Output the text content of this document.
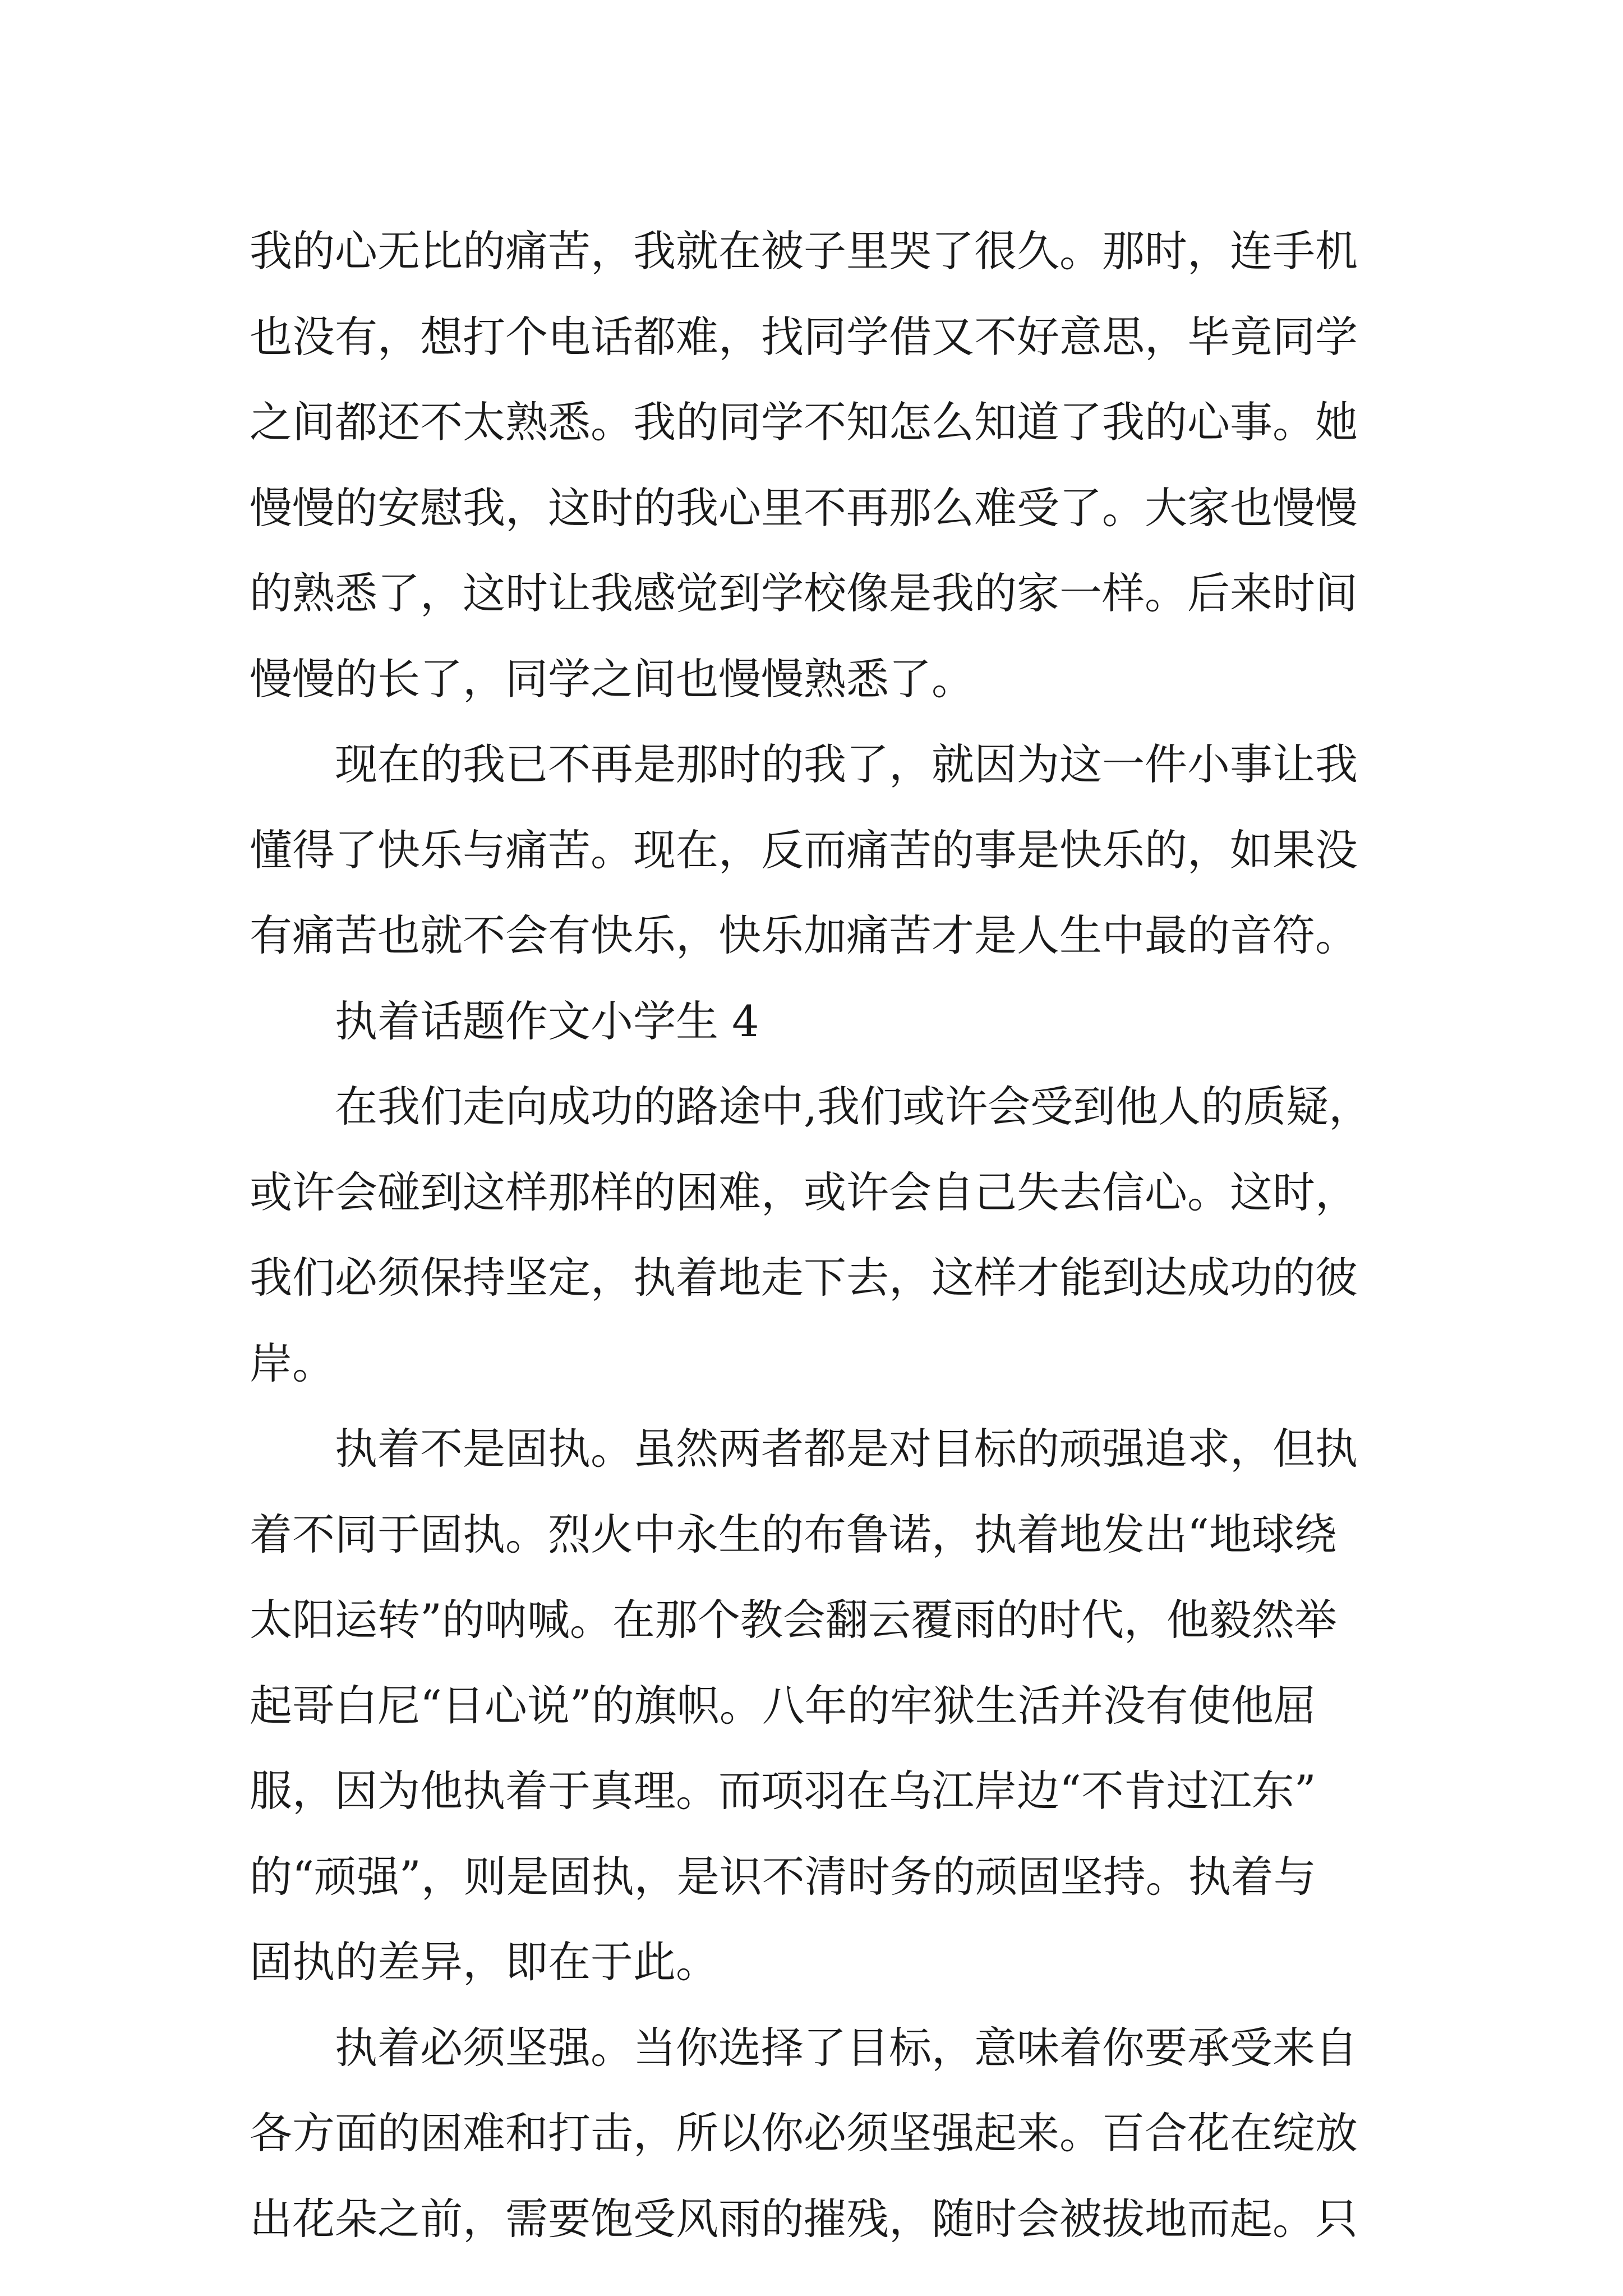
我的心无比的痛苦，我就在被子里哭了很久。那时，连手机
也没有，想打个电话都难，找同学借又不好意思，毕竟同学
之间都还不太熟悉。我的同学不知怎么知道了我的心事。她
慢慢的安慰我，这时的我心里不再那么难受了。大家也慢慢
的熟悉了，这时让我感觉到学校像是我的家一样。后来时间
慢慢的长了，同学之间也慢慢熟悉了。
现在的我已不再是那时的我了，就因为这一件小事让我
懂得了快乐与痛苦。现在，反而痛苦的事是快乐的，如果没
有痛苦也就不会有快乐，快乐加痛苦才是人生中最的音符。
执着话题作文小学生 4
在我们走向成功的路途中,我们或许会受到他人的质疑，
或许会碰到这样那样的困难，或许会自己失去信心。这时，
我们必须保持坚定，执着地走下去，这样才能到达成功的彼
岸。
执着不是固执。虽然两者都是对目标的顽强追求，但执
着不同于固执。烈火中永生的布鲁诺，执着地发出“地球绕
太阳运转”的呐喊。在那个教会翻云覆雨的时代，他毅然举
起哥白尼“日心说”的旗帜。八年的牢狱生活并没有使他屈
服，因为他执着于真理。而项羽在乌江岸边“不肯过江东”
的“顽强”，则是固执，是识不清时务的顽固坚持。执着与
固执的差异，即在于此。
执着必须坚强。当你选择了目标，意味着你要承受来自
各方面的困难和打击，所以你必须坚强起来。百合花在绽放
出花朵之前，需要饱受风雨的摧残，随时会被拔地而起。只
